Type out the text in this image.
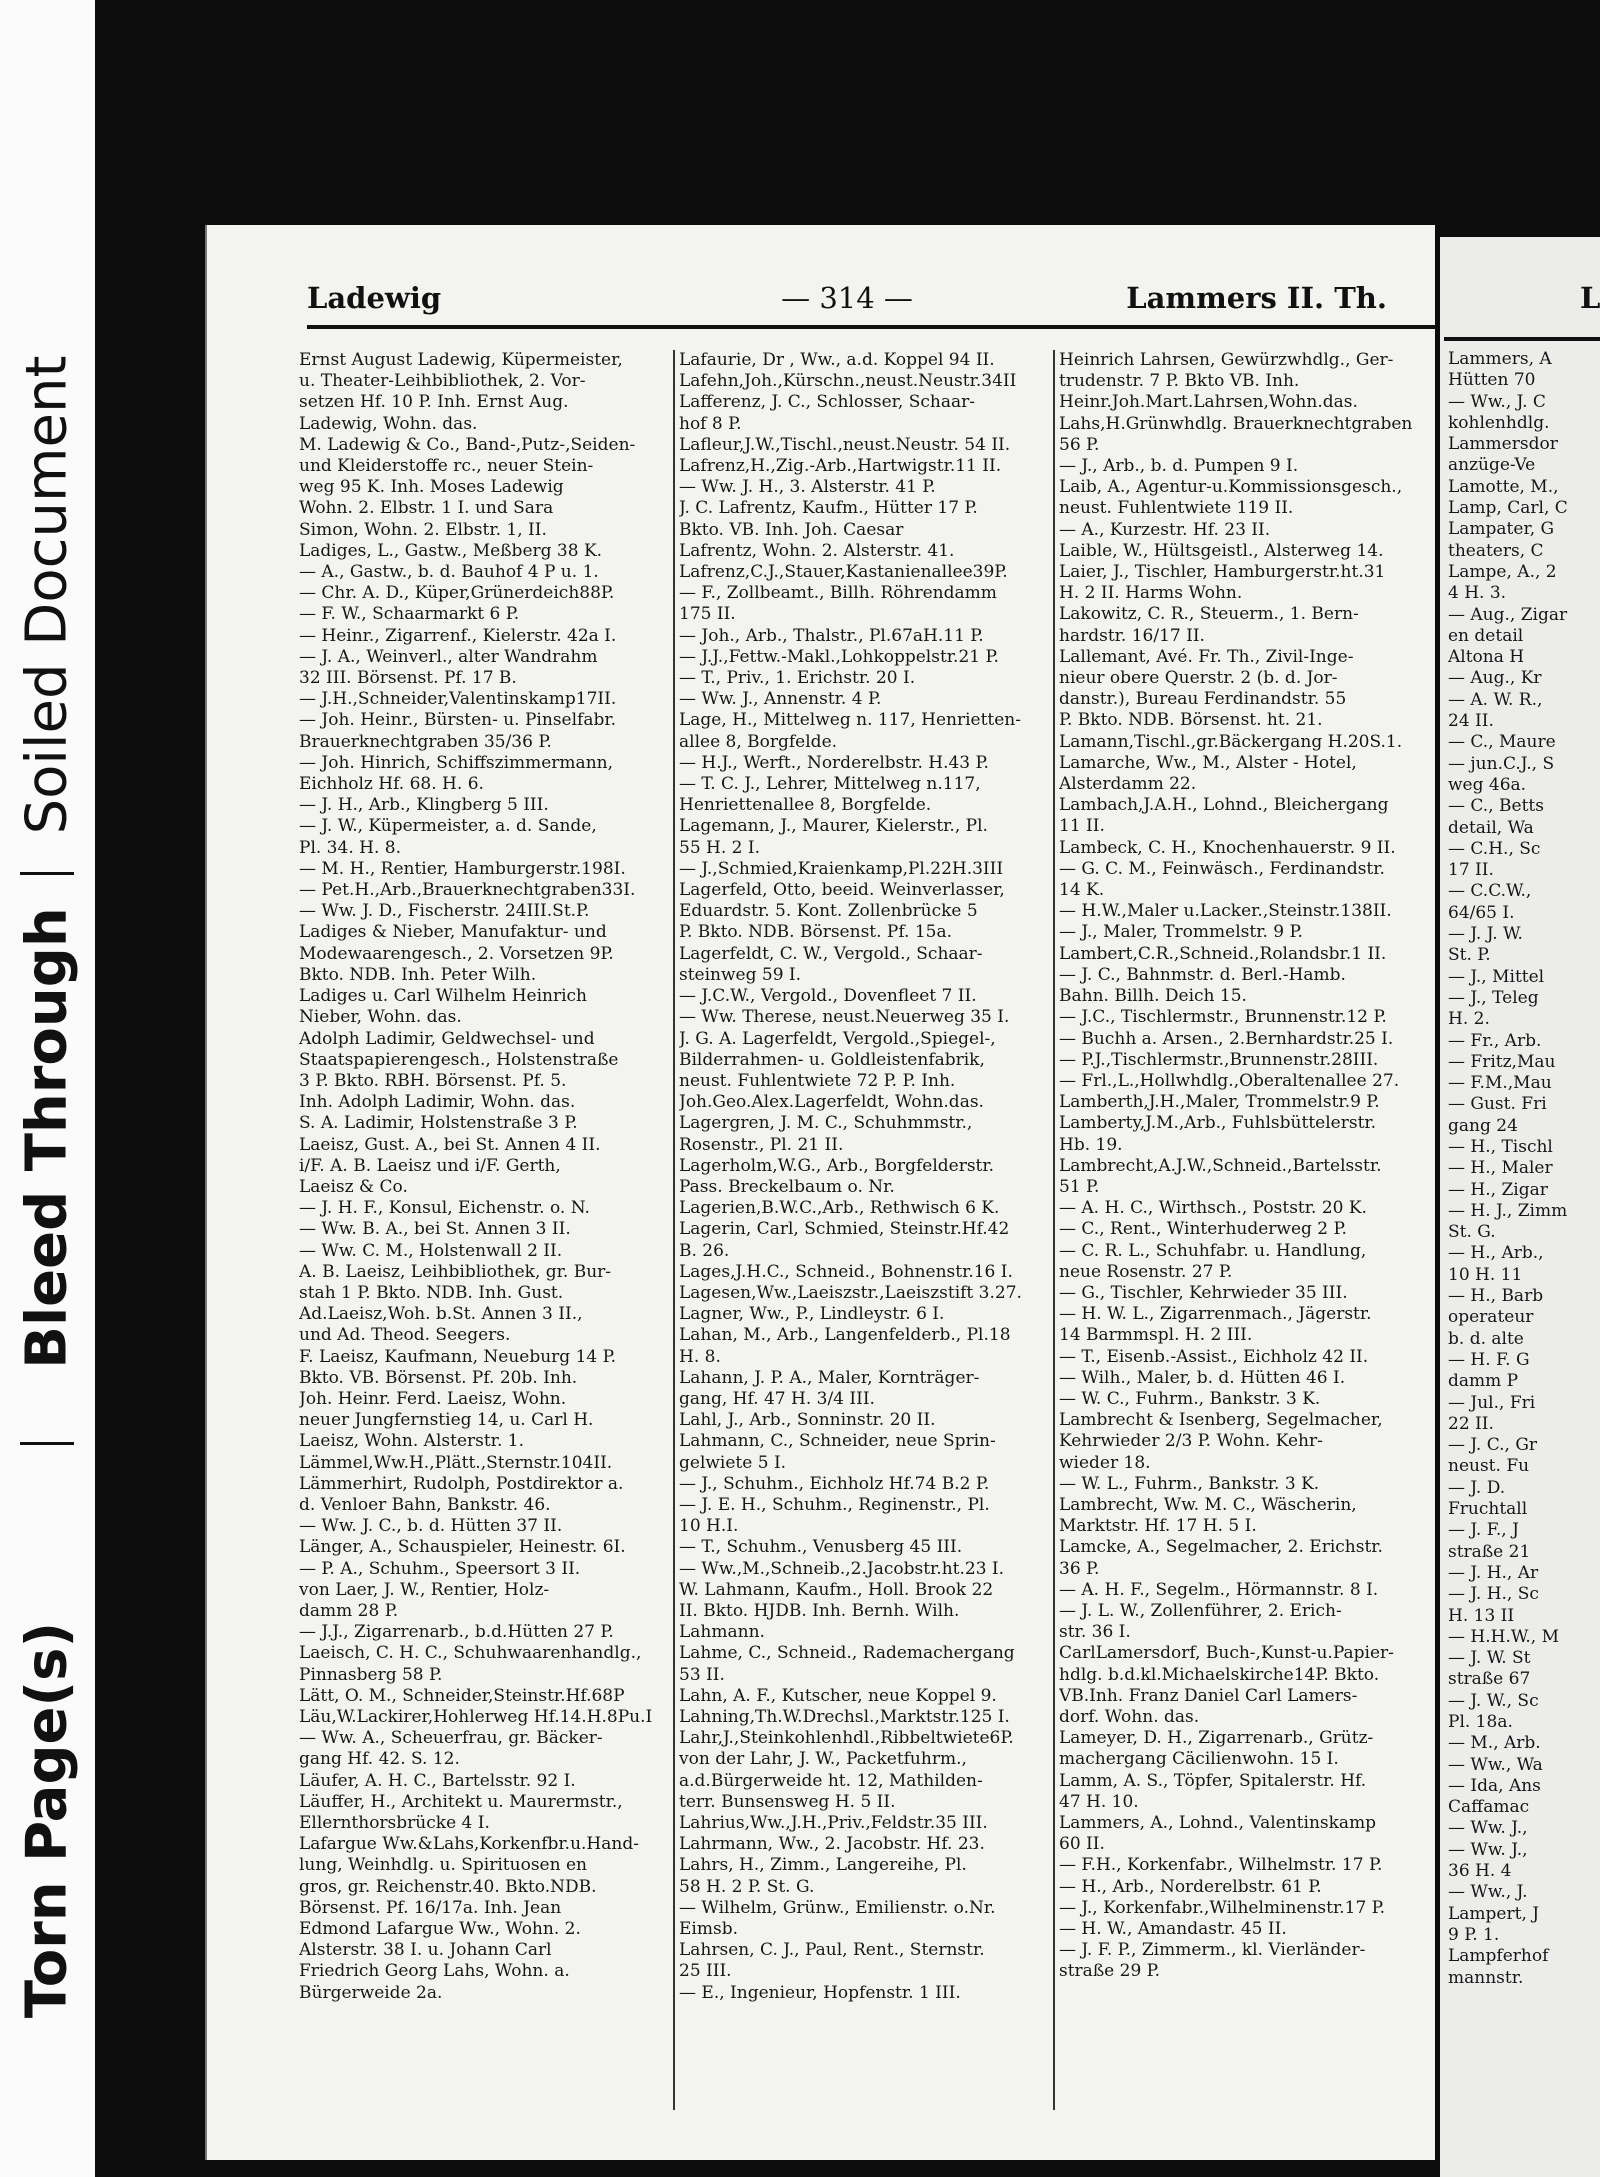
Torn Page(s)
Bleed Through
Soiled Document
Ladewig	— 314 —	Lammers II. Th.
Ernst August Ladewig, Küpermeister,
u. Theater-Leihbibliothek, 2. Vor-
setzen Hf. 10 P. Inh. Ernst Aug.
Ladewig, Wohn. das.
M. Ladewig & Co., Band-,Putz-,Seiden-
und Kleiderstoffe rc., neuer Stein-
weg 95 K. Inh. Moses Ladewig
Wohn. 2. Elbstr. 1 I. und Sara
Simon, Wohn. 2. Elbstr. 1, II.
Ladiges, L., Gastw., Meßberg 38 K.
— A., Gastw., b. d. Bauhof 4 P u. 1.
— Chr. A. D., Küper,Grünerdeich88P.
— F. W., Schaarmarkt 6 P.
— Heinr., Zigarrenf., Kielerstr. 42a I.
— J. A., Weinverl., alter Wandrahm
32 III. Börsenst. Pf. 17 B.
— J.H.,Schneider,Valentinskamp17II.
— Joh. Heinr., Bürsten- u. Pinselfabr.
Brauerknechtgraben 35/36 P.
— Joh. Hinrich, Schiffszimmermann,
Eichholz Hf. 68. H. 6.
— J. H., Arb., Klingberg 5 III.
— J. W., Küpermeister, a. d. Sande,
Pl. 34. H. 8.
— M. H., Rentier, Hamburgerstr.198I.
— Pet.H.,Arb.,Brauerknechtgraben33I.
— Ww. J. D., Fischerstr. 24III.St.P.
Ladiges & Nieber, Manufaktur- und
Modewaarengesch., 2. Vorsetzen 9P.
Bkto. NDB. Inh. Peter Wilh.
Ladiges u. Carl Wilhelm Heinrich
Nieber, Wohn. das.
Adolph Ladimir, Geldwechsel- und
Staatspapierengesch., Holstenstraße
3 P. Bkto. RBH. Börsenst. Pf. 5.
Inh. Adolph Ladimir, Wohn. das.
S. A. Ladimir, Holstenstraße 3 P.
Laeisz, Gust. A., bei St. Annen 4 II.
i/F. A. B. Laeisz und i/F. Gerth,
Laeisz & Co.
— J. H. F., Konsul, Eichenstr. o. N.
— Ww. B. A., bei St. Annen 3 II.
— Ww. C. M., Holstenwall 2 II.
A. B. Laeisz, Leihbibliothek, gr. Bur-
stah 1 P. Bkto. NDB. Inh. Gust.
Ad.Laeisz,Woh. b.St. Annen 3 II.,
und Ad. Theod. Seegers.
F. Laeisz, Kaufmann, Neueburg 14 P.
Bkto. VB. Börsenst. Pf. 20b. Inh.
Joh. Heinr. Ferd. Laeisz, Wohn.
neuer Jungfernstieg 14, u. Carl H.
Laeisz, Wohn. Alsterstr. 1.
Lämmel,Ww.H.,Plätt.,Sternstr.104II.
Lämmerhirt, Rudolph, Postdirektor a.
d. Venloer Bahn, Bankstr. 46.
— Ww. J. C., b. d. Hütten 37 II.
Länger, A., Schauspieler, Heinestr. 6I.
— P. A., Schuhm., Speersort 3 II.
von Laer, J. W., Rentier, Holz-
damm 28 P.
— J.J., Zigarrenarb., b.d.Hütten 27 P.
Laeisch, C. H. C., Schuhwaarenhandlg.,
Pinnasberg 58 P.
Lätt, O. M., Schneider,Steinstr.Hf.68P
Läu,W.Lackirer,Hohlerweg Hf.14.H.8Pu.I
— Ww. A., Scheuerfrau, gr. Bäcker-
gang Hf. 42. S. 12.
Läufer, A. H. C., Bartelsstr. 92 I.
Läuffer, H., Architekt u. Maurermstr.,
Ellernthorsbrücke 4 I.
Lafargue Ww.&Lahs,Korkenfbr.u.Hand-
lung, Weinhdlg. u. Spirituosen en
gros, gr. Reichenstr.40. Bkto.NDB.
Börsenst. Pf. 16/17a. Inh. Jean
Edmond Lafargue Ww., Wohn. 2.
Alsterstr. 38 I. u. Johann Carl
Friedrich Georg Lahs, Wohn. a.
Bürgerweide 2a.
Lafaurie, Dr , Ww., a.d. Koppel 94 II.
Lafehn,Joh.,Kürschn.,neust.Neustr.34II
Lafferenz, J. C., Schlosser, Schaar-
hof 8 P.
Lafleur,J.W.,Tischl.,neust.Neustr. 54 II.
Lafrenz,H.,Zig.-Arb.,Hartwigstr.11 II.
— Ww. J. H., 3. Alsterstr. 41 P.
J. C. Lafrentz, Kaufm., Hütter 17 P.
Bkto. VB. Inh. Joh. Caesar
Lafrentz, Wohn. 2. Alsterstr. 41.
Lafrenz,C.J.,Stauer,Kastanienallee39P.
— F., Zollbeamt., Billh. Röhrendamm
175 II.
— Joh., Arb., Thalstr., Pl.67aH.11 P.
— J.J.,Fettw.-Makl.,Lohkoppelstr.21 P.
— T., Priv., 1. Erichstr. 20 I.
— Ww. J., Annenstr. 4 P.
Lage, H., Mittelweg n. 117, Henrietten-
allee 8, Borgfelde.
— H.J., Werft., Norderelbstr. H.43 P.
— T. C. J., Lehrer, Mittelweg n.117,
Henriettenallee 8, Borgfelde.
Lagemann, J., Maurer, Kielerstr., Pl.
55 H. 2 I.
— J.,Schmied,Kraienkamp,Pl.22H.3III
Lagerfeld, Otto, beeid. Weinverlasser,
Eduardstr. 5. Kont. Zollenbrücke 5
P. Bkto. NDB. Börsenst. Pf. 15a.
Lagerfeldt, C. W., Vergold., Schaar-
steinweg 59 I.
— J.C.W., Vergold., Dovenfleet 7 II.
— Ww. Therese, neust.Neuerweg 35 I.
J. G. A. Lagerfeldt, Vergold.,Spiegel-,
Bilderrahmen- u. Goldleistenfabrik,
neust. Fuhlentwiete 72 P. P. Inh.
Joh.Geo.Alex.Lagerfeldt, Wohn.das.
Lagergren, J. M. C., Schuhmmstr.,
Rosenstr., Pl. 21 II.
Lagerholm,W.G., Arb., Borgfelderstr.
Pass. Breckelbaum o. Nr.
Lagerien,B.W.C.,Arb., Rethwisch 6 K.
Lagerin, Carl, Schmied, Steinstr.Hf.42
B. 26.
Lages,J.H.C., Schneid., Bohnenstr.16 I.
Lagesen,Ww.,Laeiszstr.,Laeiszstift 3.27.
Lagner, Ww., P., Lindleystr. 6 I.
Lahan, M., Arb., Langenfelderb., Pl.18
H. 8.
Lahann, J. P. A., Maler, Kornträger-
gang, Hf. 47 H. 3/4 III.
Lahl, J., Arb., Sonninstr. 20 II.
Lahmann, C., Schneider, neue Sprin-
gelwiete 5 I.
— J., Schuhm., Eichholz Hf.74 B.2 P.
— J. E. H., Schuhm., Reginenstr., Pl.
10 H.I.
— T., Schuhm., Venusberg 45 III.
— Ww.,M.,Schneib.,2.Jacobstr.ht.23 I.
W. Lahmann, Kaufm., Holl. Brook 22
II. Bkto. HJDB. Inh. Bernh. Wilh.
Lahmann.
Lahme, C., Schneid., Rademachergang
53 II.
Lahn, A. F., Kutscher, neue Koppel 9.
Lahning,Th.W.Drechsl.,Marktstr.125 I.
Lahr,J.,Steinkohlenhdl.,Ribbeltwiete6P.
von der Lahr, J. W., Packetfuhrm.,
a.d.Bürgerweide ht. 12, Mathilden-
terr. Bunsensweg H. 5 II.
Lahrius,Ww.,J.H.,Priv.,Feldstr.35 III.
Lahrmann, Ww., 2. Jacobstr. Hf. 23.
Lahrs, H., Zimm., Langereihe, Pl.
58 H. 2 P. St. G.
— Wilhelm, Grünw., Emilienstr. o.Nr.
Eimsb.
Lahrsen, C. J., Paul, Rent., Sternstr.
25 III.
— E., Ingenieur, Hopfenstr. 1 III.
Heinrich Lahrsen, Gewürzwhdlg., Ger-
trudenstr. 7 P. Bkto VB. Inh.
Heinr.Joh.Mart.Lahrsen,Wohn.das.
Lahs,H.Grünwhdlg. Brauerknechtgraben
56 P.
— J., Arb., b. d. Pumpen 9 I.
Laib, A., Agentur-u.Kommissionsgesch.,
neust. Fuhlentwiete 119 II.
— A., Kurzestr. Hf. 23 II.
Laible, W., Hültsgeistl., Alsterweg 14.
Laier, J., Tischler, Hamburgerstr.ht.31
H. 2 II. Harms Wohn.
Lakowitz, C. R., Steuerm., 1. Bern-
hardstr. 16/17 II.
Lallemant, Avé. Fr. Th., Zivil-Inge-
nieur obere Querstr. 2 (b. d. Jor-
danstr.), Bureau Ferdinandstr. 55
P. Bkto. NDB. Börsenst. ht. 21.
Lamann,Tischl.,gr.Bäckergang H.20S.1.
Lamarche, Ww., M., Alster - Hotel,
Alsterdamm 22.
Lambach,J.A.H., Lohnd., Bleichergang
11 II.
Lambeck, C. H., Knochenhauerstr. 9 II.
— G. C. M., Feinwäsch., Ferdinandstr.
14 K.
— H.W.,Maler u.Lacker.,Steinstr.138II.
— J., Maler, Trommelstr. 9 P.
Lambert,C.R.,Schneid.,Rolandsbr.1 II.
— J. C., Bahnmstr. d. Berl.-Hamb.
Bahn. Billh. Deich 15.
— J.C., Tischlermstr., Brunnenstr.12 P.
— Buchh a. Arsen., 2.Bernhardstr.25 I.
— P.J.,Tischlermstr.,Brunnenstr.28III.
— Frl.,L.,Hollwhdlg.,Oberaltenallee 27.
Lamberth,J.H.,Maler, Trommelstr.9 P.
Lamberty,J.M.,Arb., Fuhlsbüttelerstr.
Hb. 19.
Lambrecht,A.J.W.,Schneid.,Bartelsstr.
51 P.
— A. H. C., Wirthsch., Poststr. 20 K.
— C., Rent., Winterhuderweg 2 P.
— C. R. L., Schuhfabr. u. Handlung,
neue Rosenstr. 27 P.
— G., Tischler, Kehrwieder 35 III.
— H. W. L., Zigarrenmach., Jägerstr.
14 Barmmspl. H. 2 III.
— T., Eisenb.-Assist., Eichholz 42 II.
— Wilh., Maler, b. d. Hütten 46 I.
— W. C., Fuhrm., Bankstr. 3 K.
Lambrecht & Isenberg, Segelmacher,
Kehrwieder 2/3 P. Wohn. Kehr-
wieder 18.
— W. L., Fuhrm., Bankstr. 3 K.
Lambrecht, Ww. M. C., Wäscherin,
Marktstr. Hf. 17 H. 5 I.
Lamcke, A., Segelmacher, 2. Erichstr.
36 P.
— A. H. F., Segelm., Hörmannstr. 8 I.
— J. L. W., Zollenführer, 2. Erich-
str. 36 I.
CarlLamersdorf, Buch-,Kunst-u.Papier-
hdlg. b.d.kl.Michaelskirche14P. Bkto.
VB.Inh. Franz Daniel Carl Lamers-
dorf. Wohn. das.
Lameyer, D. H., Zigarrenarb., Grütz-
machergang Cäcilienwohn. 15 I.
Lamm, A. S., Töpfer, Spitalerstr. Hf.
47 H. 10.
Lammers, A., Lohnd., Valentinskamp
60 II.
— F.H., Korkenfabr., Wilhelmstr. 17 P.
— H., Arb., Norderelbstr. 61 P.
— J., Korkenfabr.,Wilhelminenstr.17 P.
— H. W., Amandastr. 45 II.
— J. F. P., Zimmerm., kl. Vierländer-
straße 29 P.
L
Lammers, A
Hütten 70
— Ww., J. C
kohlenhdlg.
Lammersdor
anzüge-Ve
Lamotte, M.,
Lamp, Carl, C
Lampater, G
theaters, C
Lampe, A., 2
4 H. 3.
— Aug., Zigar
en detail
Altona H
— Aug., Kr
— A. W. R.,
24 II.
— C., Maure
— jun.C.J., S
weg 46a.
— C., Betts
detail, Wa
— C.H., Sc
17 II.
— C.C.W.,
64/65 I.
— J. J. W.
St. P.
— J., Mittel
— J., Teleg
H. 2.
— Fr., Arb.
— Fritz,Mau
— F.M.,Mau
— Gust. Fri
gang 24
— H., Tischl
— H., Maler
— H., Zigar
— H. J., Zimm
St. G.
— H., Arb.,
10 H. 11
— H., Barb
operateur
b. d. alte
— H. F. G
damm P
— Jul., Fri
22 II.
— J. C., Gr
neust. Fu
— J. D.
Fruchtall
— J. F., J
straße 21
— J. H., Ar
— J. H., Sc
H. 13 II
— H.H.W., M
— J. W. St
straße 67
— J. W., Sc
Pl. 18a.
— M., Arb.
— Ww., Wa
— Ida, Ans
Caffamac
— Ww. J.,
— Ww. J.,
36 H. 4
— Ww., J.
Lampert, J
9 P. 1.
Lampferhof
mannstr.
